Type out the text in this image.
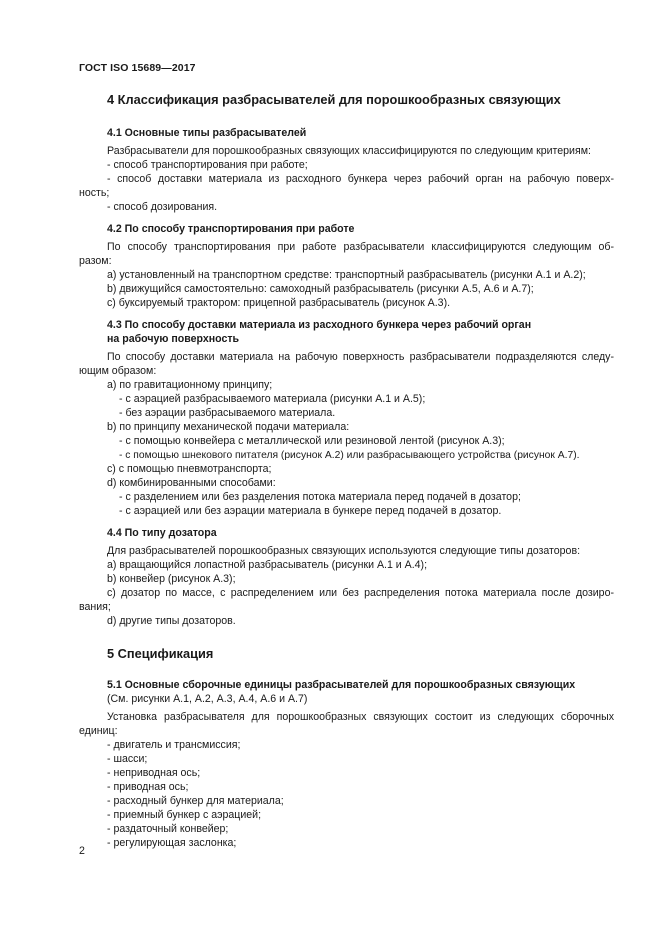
ГОСТ ISO 15689—2017
4 Классификация разбрасывателей для порошкообразных связующих
4.1 Основные типы разбрасывателей
Разбрасыватели для порошкообразных связующих классифицируются по следующим критериям:
- способ транспортирования при работе;
- способ доставки материала из расходного бункера через рабочий орган на рабочую поверх-
ность;
- способ дозирования.
4.2 По способу транспортирования при работе
По способу транспортирования при работе разбрасыватели классифицируются следующим об-
разом:
a) установленный на транспортном средстве: транспортный разбрасыватель (рисунки А.1 и А.2);
b) движущийся самостоятельно: самоходный разбрасыватель (рисунки А.5, А.6 и А.7);
c) буксируемый трактором: прицепной разбрасыватель (рисунок А.3).
4.3 По способу доставки материала из расходного бункера через рабочий орган
на рабочую поверхность
По способу доставки материала на рабочую поверхность разбрасыватели подразделяются следу-
ющим образом:
a) по гравитационному принципу;
- с аэрацией разбрасываемого материала (рисунки А.1 и А.5);
- без аэрации разбрасываемого материала.
b) по принципу механической подачи материала:
- с помощью конвейера с металлической или резиновой лентой (рисунок А.3);
- с помощью шнекового питателя (рисунок А.2) или разбрасывающего устройства (рисунок А.7).
c) с помощью пневмотранспорта;
d) комбинированными способами:
- с разделением или без разделения потока материала перед подачей в дозатор;
- с аэрацией или без аэрации материала в бункере перед подачей в дозатор.
4.4 По типу дозатора
Для разбрасывателей порошкообразных связующих используются следующие типы дозаторов:
a) вращающийся лопастной разбрасыватель (рисунки А.1 и А.4);
b) конвейер (рисунок А.3);
c) дозатор по массе, с распределением или без распределения потока материала после дозиро-
вания;
d) другие типы дозаторов.
5 Спецификация
5.1 Основные сборочные единицы разбрасывателей для порошкообразных связующих
(См. рисунки А.1, А.2, А.3, А.4, А.6 и А.7)
Установка разбрасывателя для порошкообразных связующих состоит из следующих сборочных
единиц:
- двигатель и трансмиссия;
- шасси;
- неприводная ось;
- приводная ось;
- расходный бункер для материала;
- приемный бункер с аэрацией;
- раздаточный конвейер;
- регулирующая заслонка;
2
